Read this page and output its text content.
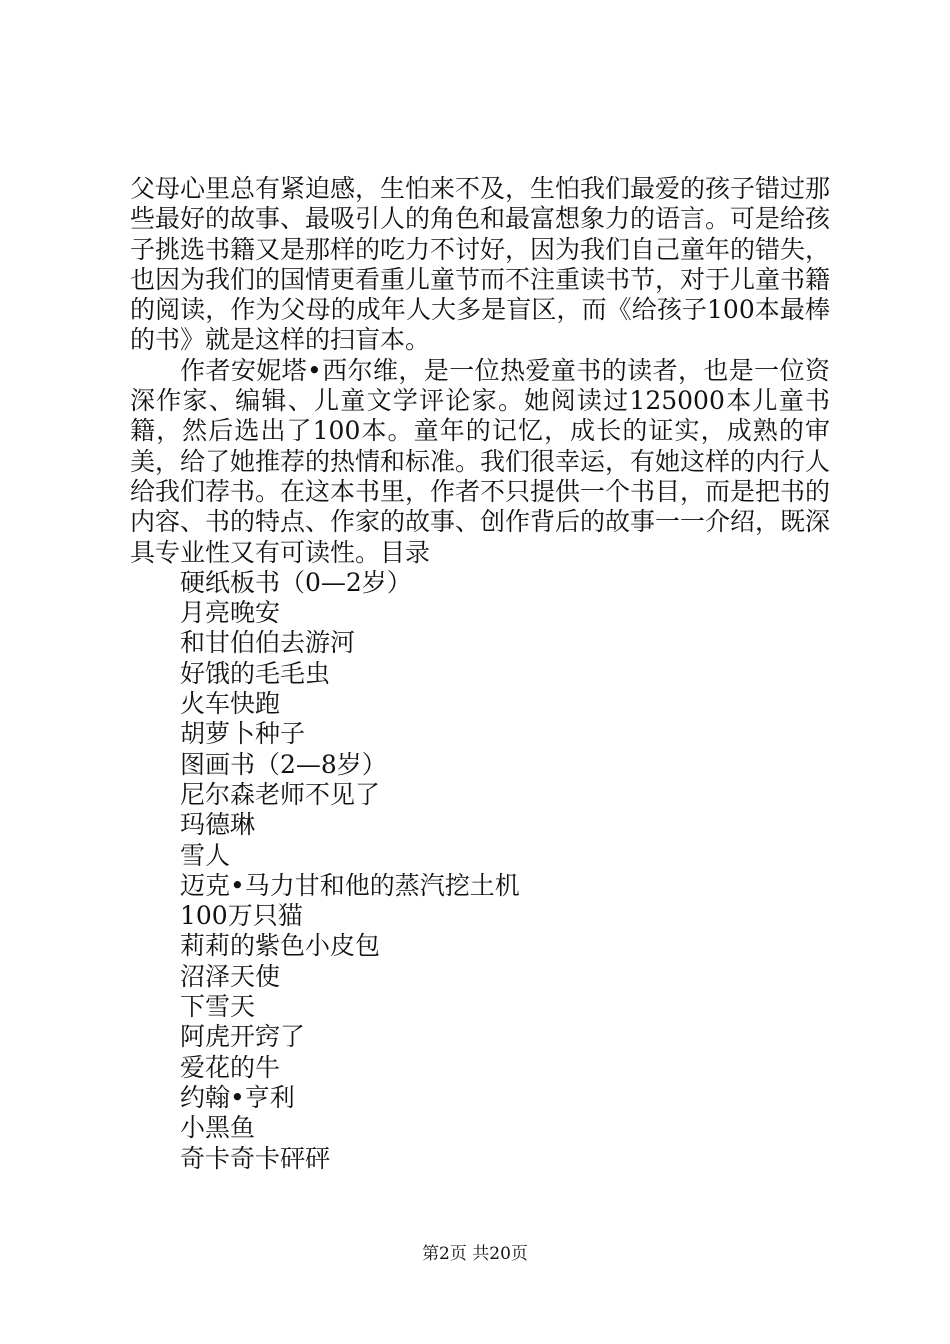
父母心里总有紧迫感，生怕来不及，生怕我们最爱的孩子错过那些最好的故事、最吸引人的角色和最富想象力的语言。可是给孩子挑选书籍又是那样的吃力不讨好，因为我们自己童年的错失，也因为我们的国情更看重儿童节而不注重读书节，对于儿童书籍的阅读，作为父母的成年人大多是盲区，而《给孩子100本最棒的书》就是这样的扫盲本。

作者安妮塔•西尔维，是一位热爱童书的读者，也是一位资深作家、编辑、儿童文学评论家。她阅读过125000本儿童书籍，然后选出了100本。童年的记忆，成长的证实，成熟的审美，给了她推荐的热情和标准。我们很幸运，有她这样的内行人给我们荐书。在这本书里，作者不只提供一个书目，而是把书的内容、书的特点、作家的故事、创作背后的故事一一介绍，既深具专业性又有可读性。目录

硬纸板书（0—2岁）
月亮晚安
和甘伯伯去游河
好饿的毛毛虫
火车快跑
胡萝卜种子
图画书（2—8岁）
尼尔森老师不见了
玛德琳
雪人
迈克•马力甘和他的蒸汽挖土机
100万只猫
莉莉的紫色小皮包
沼泽天使
下雪天
阿虎开窍了
爱花的牛
约翰•亨利
小黑鱼
奇卡奇卡砰砰
第2页 共20页
